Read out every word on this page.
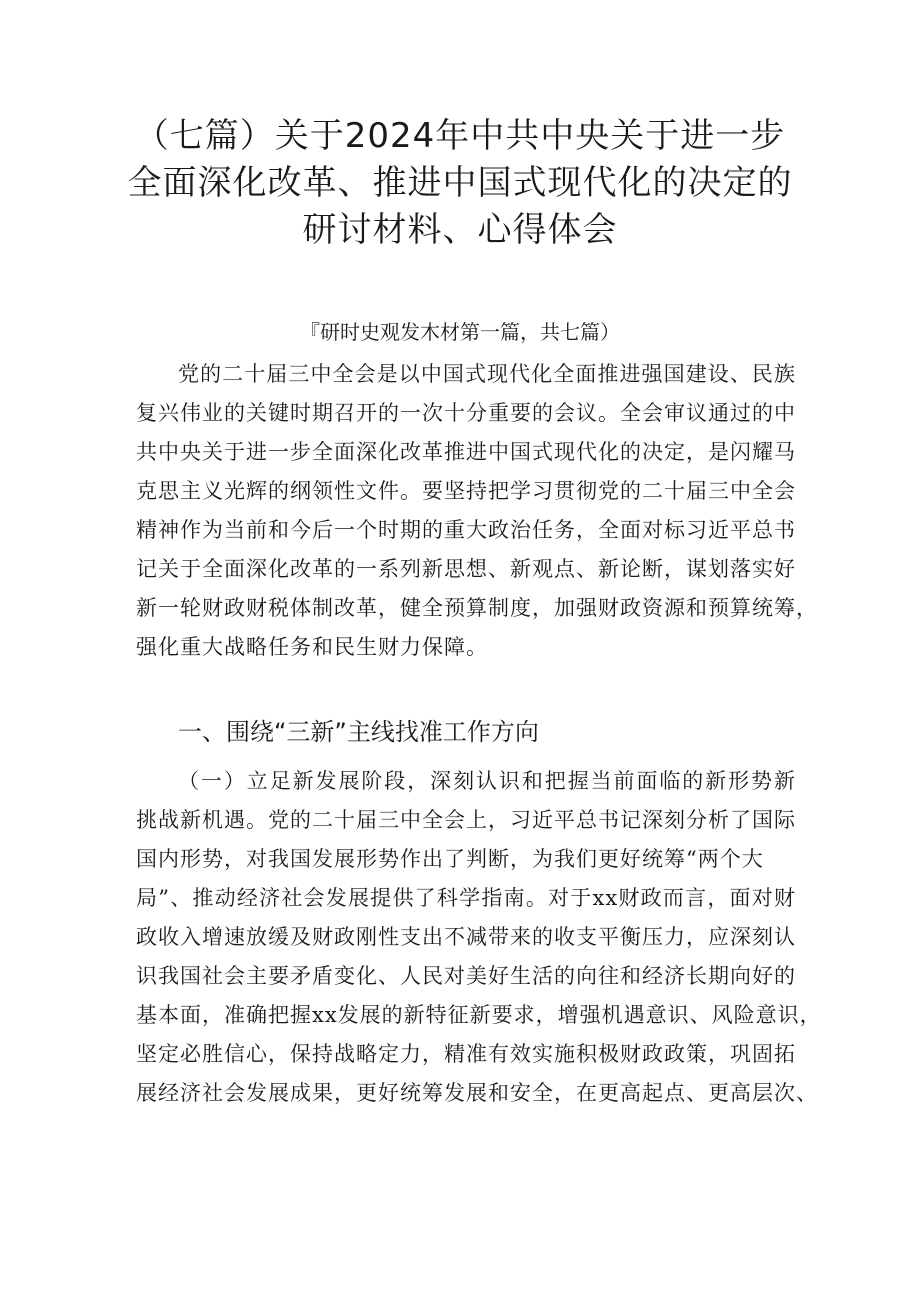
（七篇）关于2024年中共中央关于进一步
全面深化改革、推进中国式现代化的决定的
研讨材料、心得体会
『研时史观发木材第一篇，共七篇）
党的二十届三中全会是以中国式现代化全面推进强国建设、民族
复兴伟业的关键时期召开的一次十分重要的会议。全会审议通过的中
共中央关于进一步全面深化改革推进中国式现代化的决定，是闪耀马
克思主义光辉的纲领性文件。要坚持把学习贯彻党的二十届三中全会
精神作为当前和今后一个时期的重大政治任务，全面对标习近平总书
记关于全面深化改革的一系列新思想、新观点、新论断，谋划落实好
新一轮财政财税体制改革，健全预算制度，加强财政资源和预算统筹，
强化重大战略任务和民生财力保障。
一、围绕“三新”主线找准工作方向
（一）立足新发展阶段，深刻认识和把握当前面临的新形势新
挑战新机遇。党的二十届三中全会上，习近平总书记深刻分析了国际
国内形势，对我国发展形势作出了判断，为我们更好统筹“两个大
局”、推动经济社会发展提供了科学指南。对于xx财政而言，面对财
政收入增速放缓及财政刚性支出不减带来的收支平衡压力，应深刻认
识我国社会主要矛盾变化、人民对美好生活的向往和经济长期向好的
基本面，准确把握xx发展的新特征新要求，增强机遇意识、风险意识，
坚定必胜信心，保持战略定力，精准有效实施积极财政政策，巩固拓
展经济社会发展成果，更好统筹发展和安全，在更高起点、更高层次、
